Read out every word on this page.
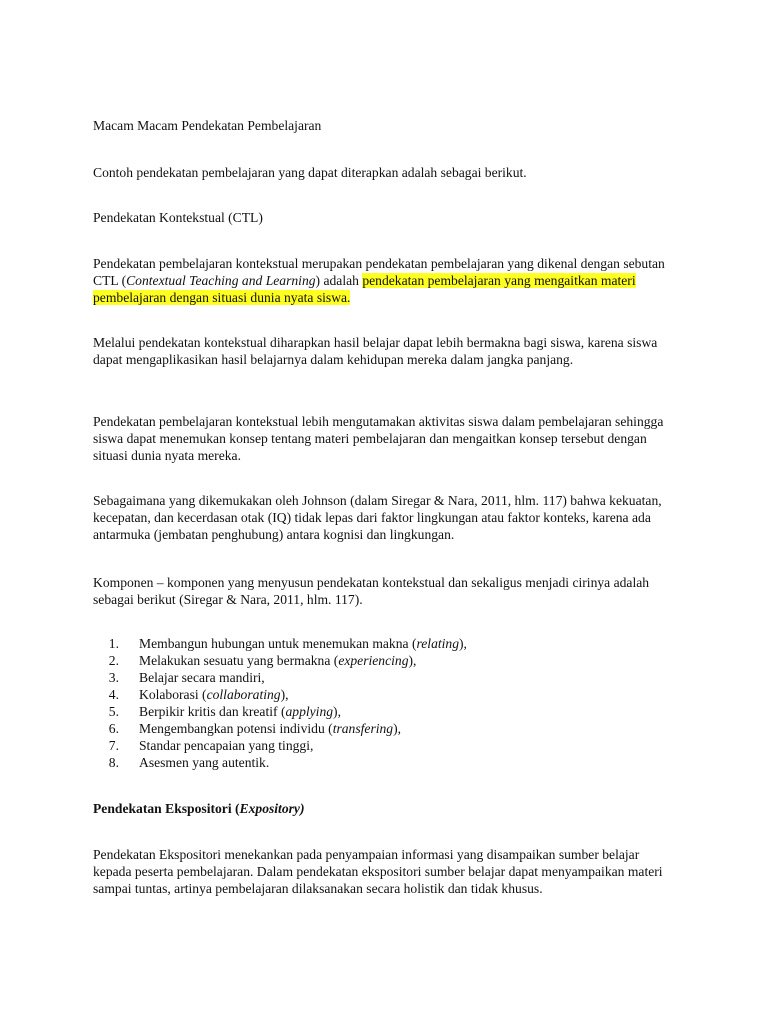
Macam Macam Pendekatan Pembelajaran

Contoh pendekatan pembelajaran yang dapat diterapkan adalah sebagai berikut.

Pendekatan Kontekstual (CTL)

Pendekatan pembelajaran kontekstual merupakan pendekatan pembelajaran yang dikenal dengan sebutan CTL (Contextual Teaching and Learning) adalah pendekatan pembelajaran yang mengaitkan materi pembelajaran dengan situasi dunia nyata siswa.

Melalui pendekatan kontekstual diharapkan hasil belajar dapat lebih bermakna bagi siswa, karena siswa dapat mengaplikasikan hasil belajarnya dalam kehidupan mereka dalam jangka panjang.

Pendekatan pembelajaran kontekstual lebih mengutamakan aktivitas siswa dalam pembelajaran sehingga siswa dapat menemukan konsep tentang materi pembelajaran dan mengaitkan konsep tersebut dengan situasi dunia nyata mereka.

Sebagaimana yang dikemukakan oleh Johnson (dalam Siregar & Nara, 2011, hlm. 117) bahwa kekuatan, kecepatan, dan kecerdasan otak (IQ) tidak lepas dari faktor lingkungan atau faktor konteks, karena ada antarmuka (jembatan penghubung) antara kognisi dan lingkungan.

Komponen – komponen yang menyusun pendekatan kontekstual dan sekaligus menjadi cirinya adalah sebagai berikut (Siregar & Nara, 2011, hlm. 117).

1. Membangun hubungan untuk menemukan makna (relating),
2. Melakukan sesuatu yang bermakna (experiencing),
3. Belajar secara mandiri,
4. Kolaborasi (collaborating),
5. Berpikir kritis dan kreatif (applying),
6. Mengembangkan potensi individu (transfering),
7. Standar pencapaian yang tinggi,
8. Asesmen yang autentik.

Pendekatan Ekspositori (Expository)

Pendekatan Ekspositori menekankan pada penyampaian informasi yang disampaikan sumber belajar kepada peserta pembelajaran. Dalam pendekatan ekspositori sumber belajar dapat menyampaikan materi sampai tuntas, artinya pembelajaran dilaksanakan secara holistik dan tidak khusus.
